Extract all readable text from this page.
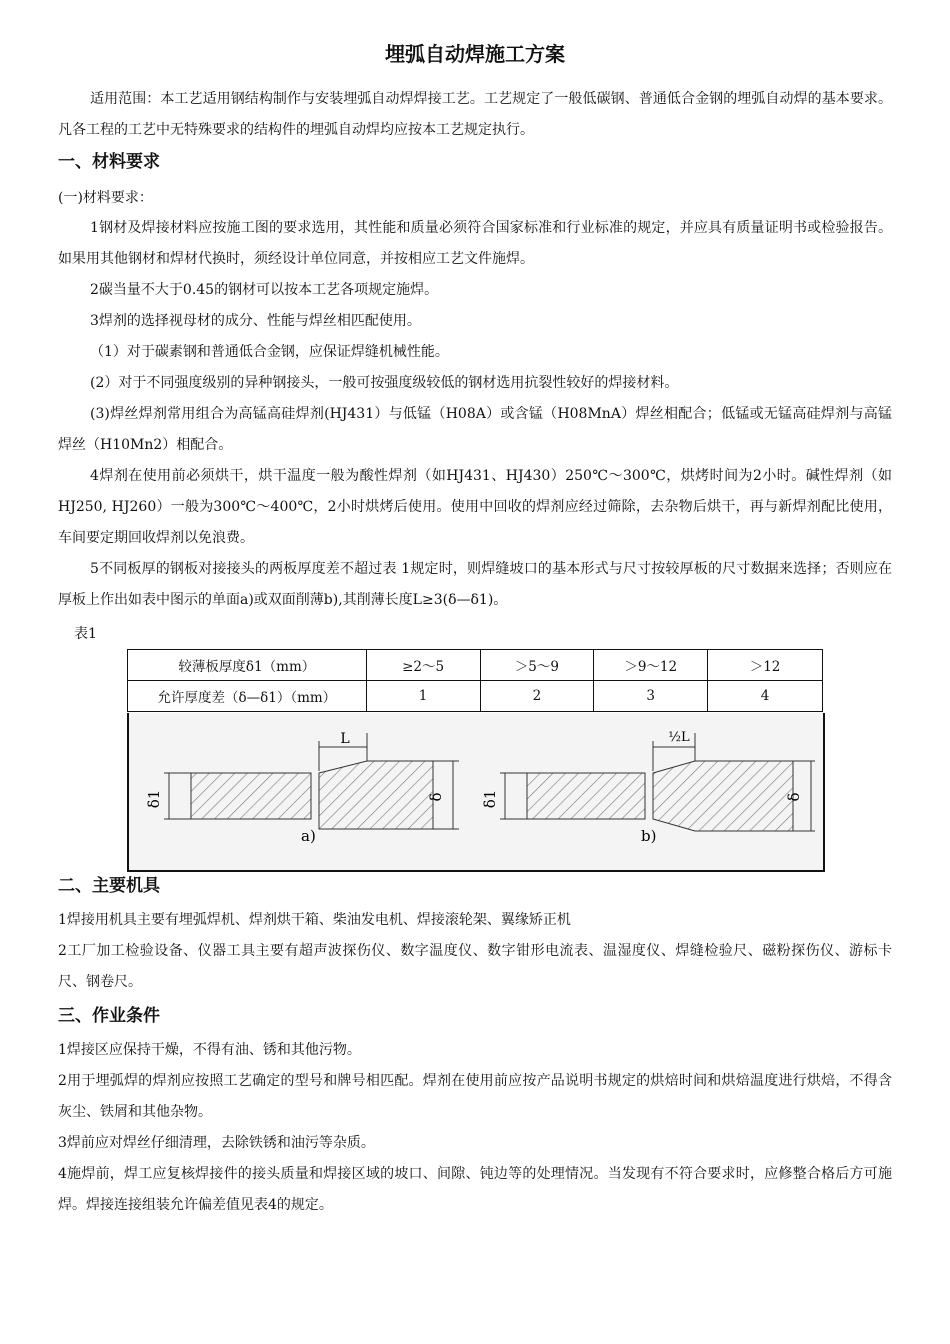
埋弧自动焊施工方案

适用范围：本工艺适用钢结构制作与安装埋弧自动焊焊接工艺。工艺规定了一般低碳钢、普通低合金钢的埋弧自动焊的基本要求。凡各工程的工艺中无特殊要求的结构件的埋弧自动焊均应按本工艺规定执行。

一、材料要求
(一)材料要求：

1钢材及焊接材料应按施工图的要求选用，其性能和质量必须符合国家标准和行业标准的规定，并应具有质量证明书或检验报告。如果用其他钢材和焊材代换时，须经设计单位同意，并按相应工艺文件施焊。

2碳当量不大于0.45的钢材可以按本工艺各项规定施焊。

3焊剂的选择视母材的成分、性能与焊丝相匹配使用。

（1）对于碳素钢和普通低合金钢，应保证焊缝机械性能。

(2）对于不同强度级别的异种钢接头，一般可按强度级较低的钢材选用抗裂性较好的焊接材料。

(3)焊丝焊剂常用组合为高锰高硅焊剂(HJ431）与低锰（H08A）或含锰（H08MnA）焊丝相配合；低锰或无锰高硅焊剂与高锰焊丝（H10Mn2）相配合。

4焊剂在使用前必须烘干，烘干温度一般为酸性焊剂（如HJ431、HJ430）250℃～300℃，烘烤时间为2小时。碱性焊剂（如HJ250, HJ260）一般为300℃～400℃，2小时烘烤后使用。使用中回收的焊剂应经过筛除，去杂物后烘干，再与新焊剂配比使用，车间要定期回收焊剂以免浪费。

5不同板厚的钢板对接接头的两板厚度差不超过表 1规定时，则焊缝坡口的基本形式与尺寸按较厚板的尺寸数据来选择；否则应在厚板上作出如表中图示的单面a)或双面削薄b),其削薄长度L≥3(δ—δ1)。

表1
较薄板厚度δ1（mm）	≥2～5	＞5～9	＞9～12	＞12
允许厚度差（δ—δ1）（mm）	1	2	3	4
δ1
L
δ
a)
δ1
½L
δ
b)
二、主要机具

1焊接用机具主要有埋弧焊机、焊剂烘干箱、柴油发电机、焊接滚轮架、翼缘矫正机

2工厂加工检验设备、仪器工具主要有超声波探伤仪、数字温度仪、数字钳形电流表、温湿度仪、焊缝检验尺、磁粉探伤仪、游标卡尺、钢卷尺。

三、作业条件

1焊接区应保持干燥，不得有油、锈和其他污物。

2用于埋弧焊的焊剂应按照工艺确定的型号和牌号相匹配。焊剂在使用前应按产品说明书规定的烘焙时间和烘焙温度进行烘焙，不得含灰尘、铁屑和其他杂物。

3焊前应对焊丝仔细清理，去除铁锈和油污等杂质。

4施焊前，焊工应复核焊接件的接头质量和焊接区域的坡口、间隙、钝边等的处理情况。当发现有不符合要求时，应修整合格后方可施焊。焊接连接组装允许偏差值见表4的规定。
